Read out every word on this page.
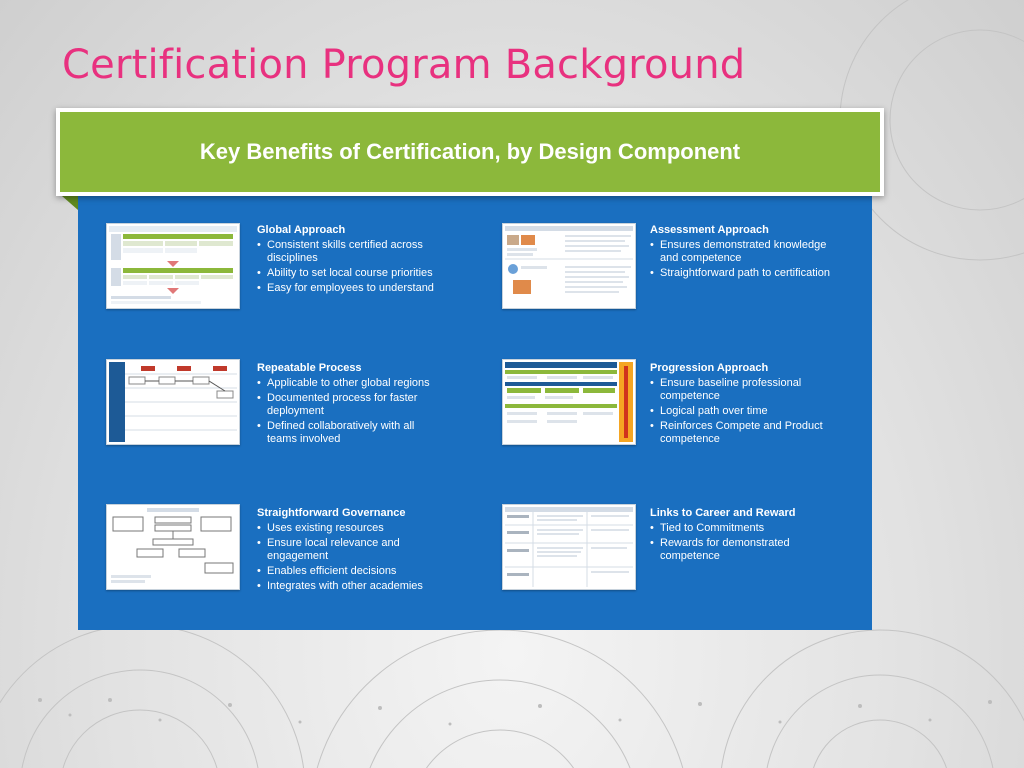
Certification Program Background
Key Benefits of Certification, by Design Component
Global Approach
• Consistent skills certified across disciplines
• Ability to set local course priorities
• Easy for employees to understand
Assessment Approach
• Ensures demonstrated knowledge and competence
• Straightforward path to certification
Repeatable Process
• Applicable to other global regions
• Documented process for faster deployment
• Defined collaboratively with all teams involved
Progression Approach
• Ensure baseline professional competence
• Logical path over time
• Reinforces Compete and Product competence
Straightforward Governance
• Uses existing resources
• Ensure local relevance and engagement
• Enables efficient decisions
• Integrates with other academies
Links to Career and Reward
• Tied to Commitments
• Rewards for demonstrated competence
